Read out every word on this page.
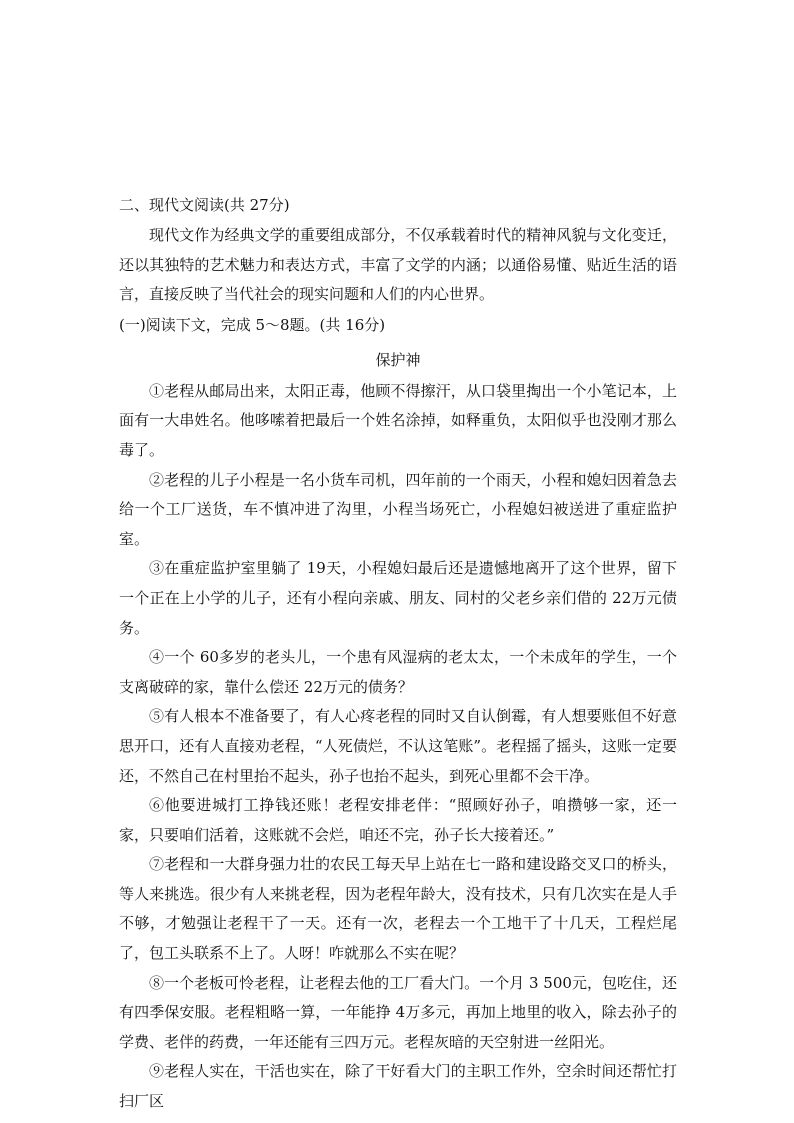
二、现代文阅读(共 27分)

现代文作为经典文学的重要组成部分，不仅承载着时代的精神风貌与文化变迁，还以其独特的艺术魅力和表达方式，丰富了文学的内涵；以通俗易懂、贴近生活的语言，直接反映了当代社会的现实问题和人们的内心世界。

(一)阅读下文，完成 5～8题。(共 16分)

保护神

①老程从邮局出来，太阳正毒，他顾不得擦汗，从口袋里掏出一个小笔记本，上面有一大串姓名。他哆嗦着把最后一个姓名涂掉，如释重负，太阳似乎也没刚才那么毒了。

②老程的儿子小程是一名小货车司机，四年前的一个雨天，小程和媳妇因着急去给一个工厂送货，车不慎冲进了沟里，小程当场死亡，小程媳妇被送进了重症监护室。

③在重症监护室里躺了 19天，小程媳妇最后还是遗憾地离开了这个世界，留下一个正在上小学的儿子，还有小程向亲戚、朋友、同村的父老乡亲们借的 22万元债务。

④一个 60多岁的老头儿，一个患有风湿病的老太太，一个未成年的学生，一个支离破碎的家，靠什么偿还 22万元的债务？

⑤有人根本不准备要了，有人心疼老程的同时又自认倒霉，有人想要账但不好意思开口，还有人直接劝老程，“人死债烂，不认这笔账”。老程摇了摇头，这账一定要还，不然自己在村里抬不起头，孙子也抬不起头，到死心里都不会干净。

⑥他要进城打工挣钱还账！老程安排老伴：“照顾好孙子，咱攒够一家，还一家，只要咱们活着，这账就不会烂，咱还不完，孙子长大接着还。”

⑦老程和一大群身强力壮的农民工每天早上站在七一路和建设路交叉口的桥头，等人来挑选。很少有人来挑老程，因为老程年龄大，没有技术，只有几次实在是人手不够，才勉强让老程干了一天。还有一次，老程去一个工地干了十几天，工程烂尾了，包工头联系不上了。人呀！咋就那么不实在呢？

⑧一个老板可怜老程，让老程去他的工厂看大门。一个月 3 500元，包吃住，还有四季保安服。老程粗略一算，一年能挣 4万多元，再加上地里的收入，除去孙子的学费、老伴的药费，一年还能有三四万元。老程灰暗的天空射进一丝阳光。

⑨老程人实在，干活也实在，除了干好看大门的主职工作外，空余时间还帮忙打扫厂区
